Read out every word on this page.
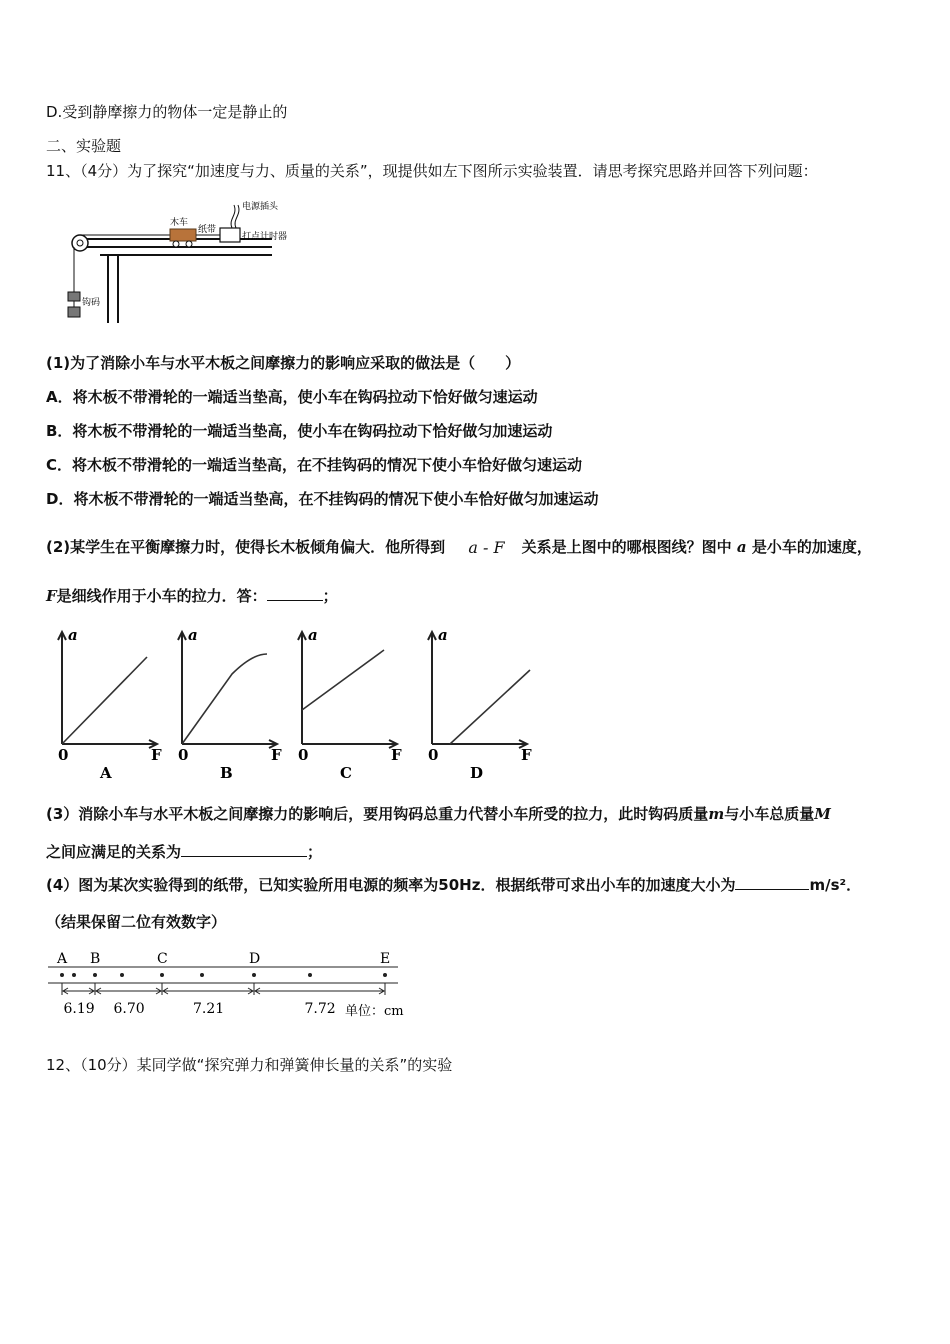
D.受到静摩擦力的物体一定是静止的
二、实验题
11、（4分）为了探究“加速度与力、质量的关系”，现提供如左下图所示实验装置．请思考探究思路并回答下列问题：
木车
纸带
电源插头
打点计时器
钩码
(1)为了消除小车与水平木板之间摩擦力的影响应采取的做法是（　　）
A．将木板不带滑轮的一端适当垫高，使小车在钩码拉动下恰好做匀速运动
B．将木板不带滑轮的一端适当垫高，使小车在钩码拉动下恰好做匀加速运动
C．将木板不带滑轮的一端适当垫高，在不挂钩码的情况下使小车恰好做匀速运动
D．将木板不带滑轮的一端适当垫高，在不挂钩码的情况下使小车恰好做匀加速运动
(2)某学生在平衡摩擦力时，使得长木板倾角偏大．他所得到 a - F 关系是上图中的哪根图线？图中 a 是小车的加速度，
F是细线作用于小车的拉力．答：	；
a
0	F
A
a
0	F
B
a
0	F
C
a
0	F
D
(3）消除小车与水平木板之间摩擦力的影响后，要用钩码总重力代替小车所受的拉力，此时钩码质量m与小车总质量M
之间应满足的关系为	；
(4）图为某次实验得到的纸带，已知实验所用电源的频率为50Hz．根据纸带可求出小车的加速度大小为	m/s²．
（结果保留二位有效数字）
A B	C	D	E
6.19 6.70	7.21	7.72 单位：cm
12、（10分）某同学做“探究弹力和弹簧伸长量的关系”的实验
